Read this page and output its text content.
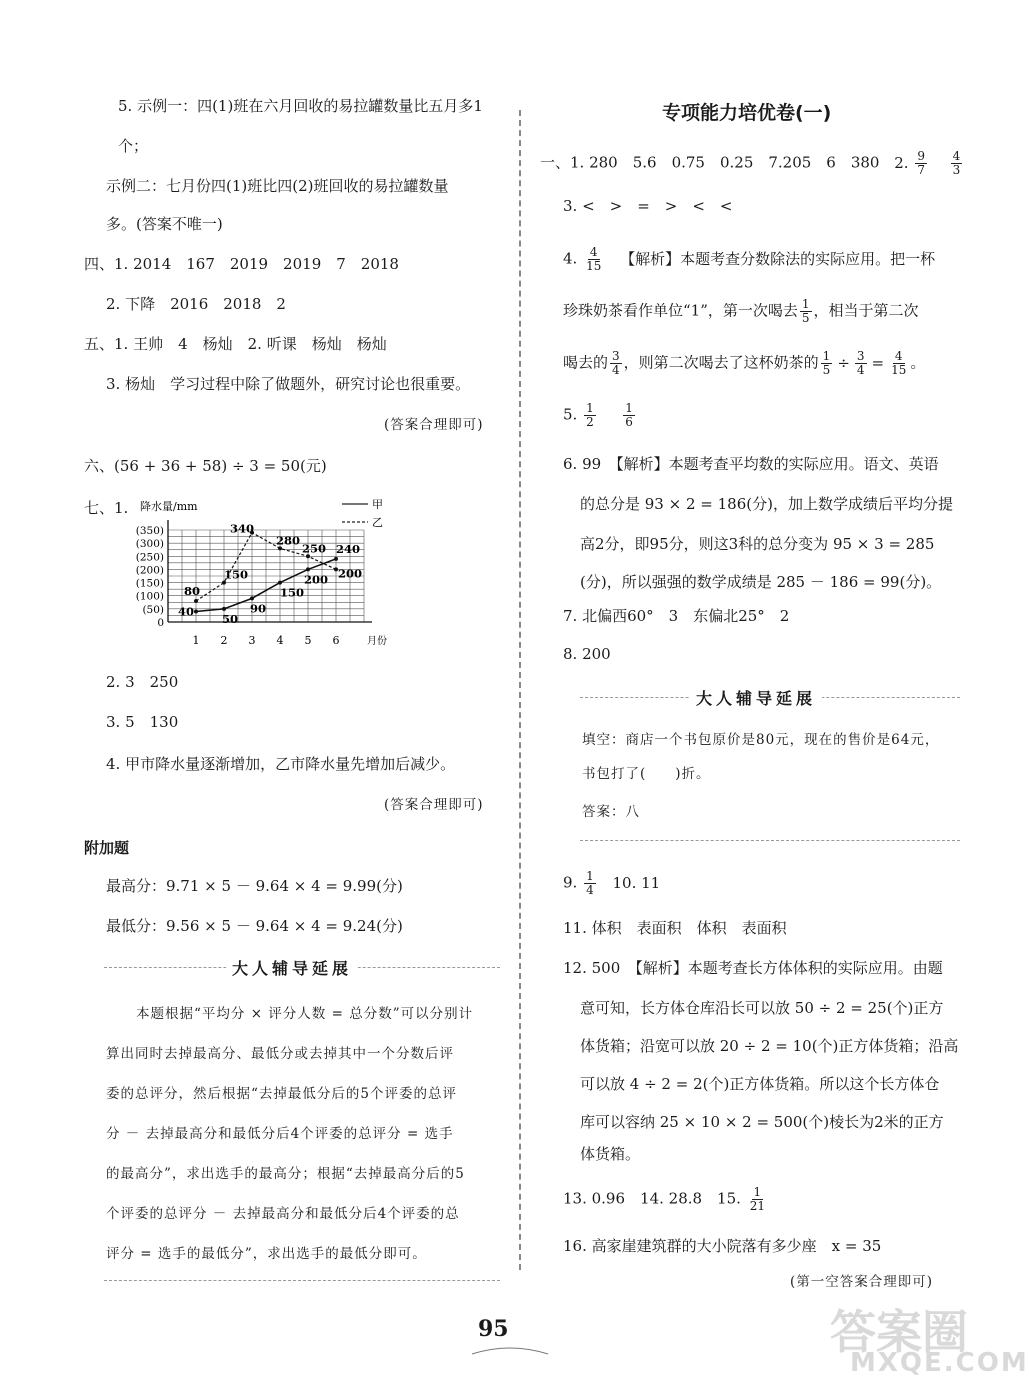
5. 示例一：四(1)班在六月回收的易拉罐数量比五月多1
个；
示例二：七月份四(1)班比四(2)班回收的易拉罐数量
多。(答案不唯一)
四、1. 2014　167　2019　2019　7　2018
2. 下降　2016　2018　2
五、1. 王帅　4　杨灿　2. 听课　杨灿　杨灿
3. 杨灿　学习过程中除了做题外，研究讨论也很重要。
(答案合理即可)
六、(56 + 36 + 58) ÷ 3 = 50(元)
七、1.
(350)
(300)
(250)
(200)
(150)
(100)
(50)
0
1 2 3 4 5 6
降水量/mm
月份
40
50
90
150
200
240
80
150
340
280
250
200
甲
乙
2. 3　250
3. 5　130
4. 甲市降水量逐渐增加，乙市降水量先增加后减少。
(答案合理即可)
附加题
最高分：9.71 × 5 － 9.64 × 4 = 9.99(分)
最低分：9.56 × 5 － 9.64 × 4 = 9.24(分)
大人辅导延展
本题根据“平均分 × 评分人数 = 总分数”可以分别计
算出同时去掉最高分、最低分或去掉其中一个分数后评
委的总评分，然后根据“去掉最低分后的5个评委的总评
分 － 去掉最高分和最低分后4个评委的总评分 = 选手
的最高分”，求出选手的最高分；根据“去掉最高分后的5
个评委的总评分 － 去掉最高分和最低分后4个评委的总
评分 = 选手的最低分”，求出选手的最低分即可。
专项能力培优卷(一)
一、1. 280　5.6　0.75　0.25　7.205　6　380 2. $\frac{9}{7}$
$\frac{4}{3}$
3. <　>　=　>　<　<
4. $\frac{4}{15}$ 【解析】本题考查分数除法的实际应用。把一杯
珍珠奶茶看作单位“1”，第一次喝去 $\frac{1}{5}$ ，相当于第二次
喝去的 $\frac{3}{4}$ ，则第二次喝去了这杯奶茶的 $\frac{1}{5} \div \frac{3}{4} = \frac{4}{15}$ 。
5. $\frac{1}{2}$
$\frac{1}{6}$
6. 99　【解析】本题考查平均数的实际应用。语文、英语
的总分是 93 × 2 = 186(分)，加上数学成绩后平均分提
高2分，即95分，则这3科的总分变为 95 × 3 = 285
(分)，所以强强的数学成绩是 285 － 186 = 99(分)。
7. 北偏西60°　3　东偏北25°　2
8. 200
大人辅导延展
填空：商店一个书包原价是80元，现在的售价是64元，
书包打了(　　)折。
答案：八
9. $\frac{1}{4} 10$. 11
11. 体积　表面积　体积　表面积
12. 500　【解析】本题考查长方体体积的实际应用。由题
意可知，长方体仓库沿长可以放 50 ÷ 2 = 25(个)正方
体货箱；沿宽可以放 20 ÷ 2 = 10(个)正方体货箱；沿高
可以放 4 ÷ 2 = 2(个)正方体货箱。所以这个长方体仓
库可以容纳 25 × 10 × 2 = 500(个)棱长为2米的正方
体货箱。
13. 0.96　14. 28.8　15. $\frac{1}{21}$
16. 高家崖建筑群的大小院落有多少座　x = 35
(第一空答案合理即可)
95	答案圈
MXQE.COM
